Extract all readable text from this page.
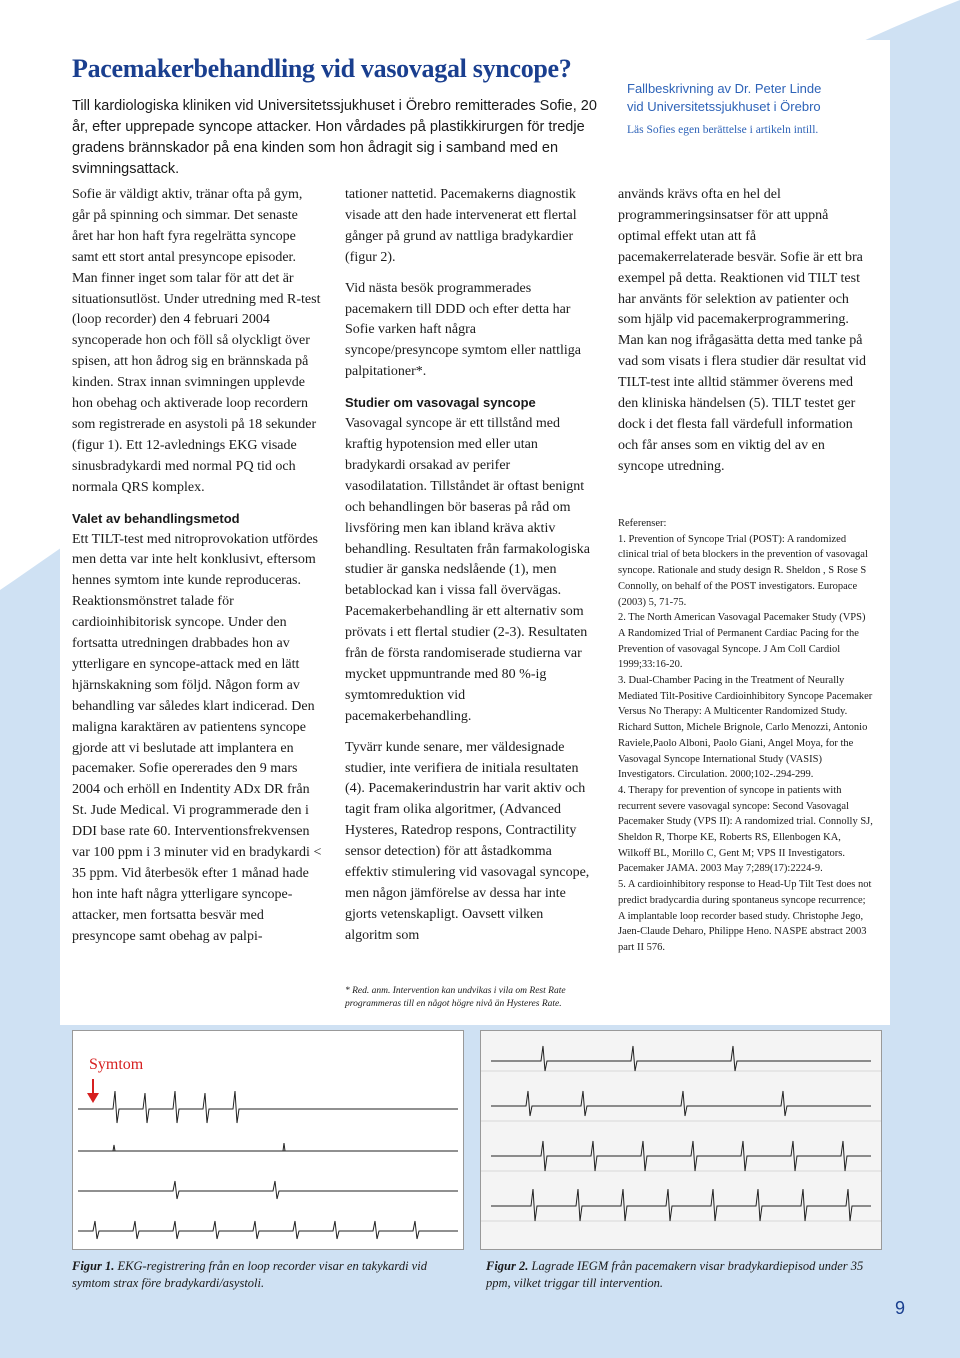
Pacemakerbehandling vid vasovagal syncope?
Till kardiologiska kliniken vid Universitetssjukhuset i Örebro remitterades Sofie, 20 år, efter upprepade syncope attacker. Hon vårdades på plastikkirurgen för tredje gradens brännskador på ena kinden som hon ådragit sig i samband med en svimningsattack.
Fallbeskrivning av Dr. Peter Linde
vid Universitetssjukhuset i Örebro
Läs Sofies egen berättelse i artikeln intill.

Sofie är väldigt aktiv, tränar ofta på gym, går på spinning och simmar. Det senaste året har hon haft fyra regelrätta syncope samt ett stort antal presyncope episoder. Man finner inget som talar för att det är situationsutlöst. Under utredning med R-test (loop recorder) den 4 februari 2004 syncoperade hon och föll så olyckligt över spisen, att hon ådrog sig en brännskada på kinden. Strax innan svimningen upplevde hon obehag och aktiverade loop recordern som registrerade en asystoli på 18 sekunder (figur 1). Ett 12-avlednings EKG visade sinusbradykardi med normal PQ tid och normala QRS komplex.

Valet av behandlingsmetod

Ett TILT-test med nitroprovokation utfördes men detta var inte helt konklusivt, eftersom hennes symtom inte kunde reproduceras. Reaktionsmönstret talade för cardioinhibitorisk syncope. Under den fortsatta utredningen drabbades hon av ytterligare en syncope-attack med en lätt hjärnskakning som följd. Någon form av behandling var således klart indicerad. Den maligna karaktären av patientens syncope gjorde att vi beslutade att implantera en pacemaker. Sofie opererades den 9 mars 2004 och erhöll en Indentity ADx DR från St. Jude Medical. Vi programmerade den i DDI base rate 60. Interventionsfrekvensen var 100 ppm i 3 minuter vid en bradykardi < 35 ppm. Vid återbesök efter 1 månad hade hon inte haft några ytterligare syncope-attacker, men fortsatta besvär med presyncope samt obehag av palpi-

tationer nattetid. Pacemakerns diagnostik visade att den hade intervenerat ett flertal gånger på grund av nattliga bradykardier (figur 2).

Vid nästa besök programmerades pacemakern till DDD och efter detta har Sofie varken haft några syncope/presyncope symtom eller nattliga palpitationer*.

Studier om vasovagal syncope

Vasovagal syncope är ett tillstånd med kraftig hypotension med eller utan bradykardi orsakad av perifer vasodilatation. Tillståndet är oftast benignt och behandlingen bör baseras på råd om livsföring men kan ibland kräva aktiv behandling. Resultaten från farmakologiska studier är ganska nedslående (1), men betablockad kan i vissa fall övervägas. Pacemakerbehandling är ett alternativ som prövats i ett flertal studier (2-3). Resultaten från de första randomiserade studierna var mycket uppmuntrande med 80 %-ig symtomreduktion vid pacemakerbehandling.

Tyvärr kunde senare, mer väldesignade studier, inte verifiera de initiala resultaten (4). Pacemakerindustrin har varit aktiv och tagit fram olika algoritmer, (Advanced Hysteres, Ratedrop respons, Contractility sensor detection) för att åstadkomma effektiv stimulering vid vasovagal syncope, men någon jämförelse av dessa har inte gjorts vetenskapligt. Oavsett vilken algoritm som

* Red. anm. Intervention kan undvikas i vila om Rest Rate programmeras till en något högre nivå än Hysteres Rate.

används krävs ofta en hel del programmeringsinsatser för att uppnå optimal effekt utan att få pacemakerrelaterade besvär. Sofie är ett bra exempel på detta. Reaktionen vid TILT test har använts för selektion av patienter och som hjälp vid pacemakerprogrammering. Man kan nog ifrågasätta detta med tanke på vad som visats i flera studier där resultat vid TILT-test inte alltid stämmer överens med den kliniska händelsen (5). TILT testet ger dock i det flesta fall värdefull information och får anses som en viktig del av en syncope utredning.

Referenser:

1. Prevention of Syncope Trial (POST): A randomized clinical trial of beta blockers in the prevention of vasovagal syncope. Rationale and study design R. Sheldon , S Rose S Connolly, on behalf of the POST investigators. Europace (2003) 5, 71-75.

2. The North American Vasovagal Pacemaker Study (VPS) A Randomized Trial of Permanent Cardiac Pacing for the Prevention of vasovagal Syncope. J Am Coll Cardiol 1999;33:16-20.

3. Dual-Chamber Pacing in the Treatment of Neurally Mediated Tilt-Positive Cardioinhibitory Syncope Pacemaker Versus No Therapy: A Multicenter Randomized Study. Richard Sutton, Michele Brignole, Carlo Menozzi, Antonio Raviele,Paolo Alboni, Paolo Giani, Angel Moya, for the Vasovagal Syncope International Study (VASIS) Investigators. Circulation. 2000;102-.294-299.

4. Therapy for prevention of syncope in patients with recurrent severe vasovagal syncope: Second Vasovagal Pacemaker Study (VPS II): A randomized trial. Connolly SJ, Sheldon R, Thorpe KE, Roberts RS, Ellenbogen KA, Wilkoff BL, Morillo C, Gent M; VPS II Investigators. Pacemaker JAMA. 2003 May 7;289(17):2224-9.

5. A cardioinhibitory response to Head-Up Tilt Test does not predict bradycardia during spontaneus syncope recurrence; A implantable loop recorder based study. Christophe Jego, Jaen-Claude Deharo, Philippe Heno. NASPE abstract 2003 part II 576.

Symtom
Figur 1. EKG-registrering från en loop recorder visar en takykardi vid symtom strax före bradykardi/asystoli.
Figur 2. Lagrade IEGM från pacemakern visar bradykardiepisod under 35 ppm, vilket triggar till intervention.
9
